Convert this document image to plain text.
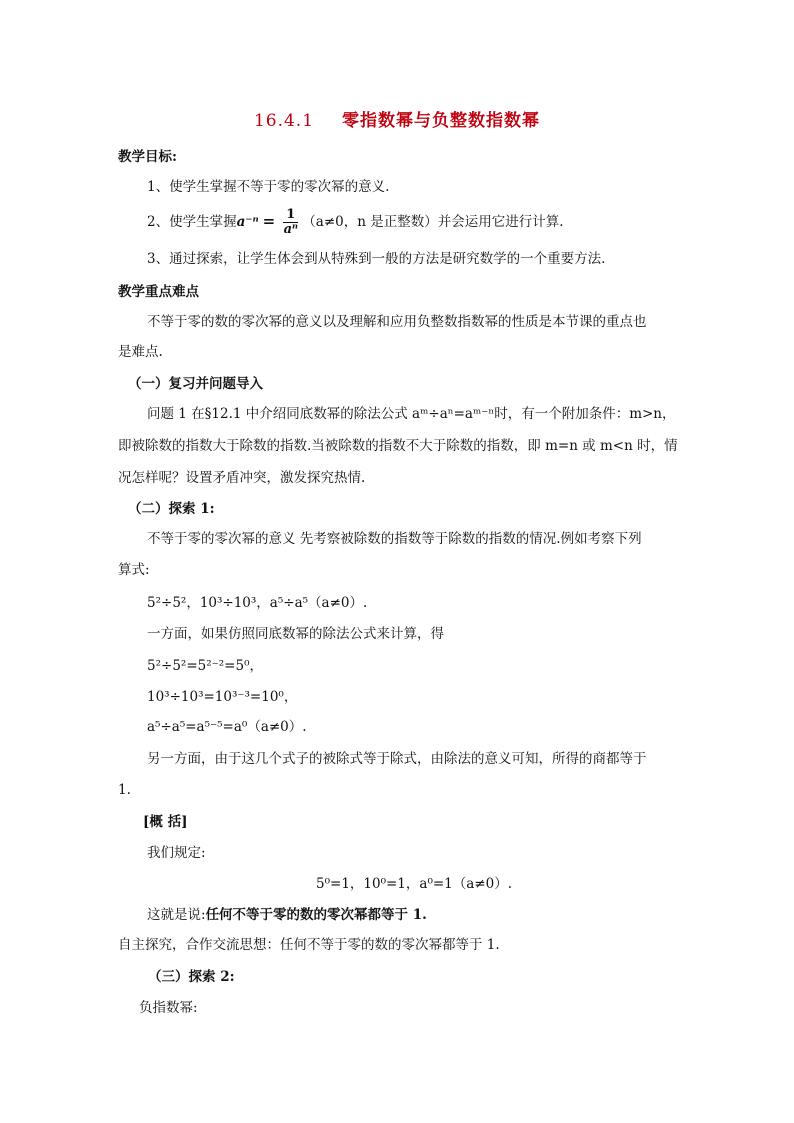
16.4.1 零指数幂与负整数指数幂
教学目标:
1、使学生掌握不等于零的零次幂的意义.
2、使学生掌握$a^{-n} = \frac{1}{\text{aⁿ}} (a\ne 0$，n 是正整数）并会运用它进行计算.
3、通过探索，让学生体会到从特殊到一般的方法是研究数学的一个重要方法.
教学重点难点
不等于零的数的零次幂的意义以及理解和应用负整数指数幂的性质是本节课的重点也
是难点.
（一）复习并问题导入
问题 1 在§12.1 中介绍同底数幂的除法公式 aᵐ÷aⁿ=aᵐ⁻ⁿ时，有一个附加条件：m>n，
即被除数的指数大于除数的指数.当被除数的指数不大于除数的指数，即 m=n 或 m<n 时，情
况怎样呢？设置矛盾冲突，激发探究热情.
（二）探索 1:
不等于零的零次幂的意义 先考察被除数的指数等于除数的指数的情况.例如考察下列
算式:
5²÷5²，10³÷10³，a⁵÷a⁵（a≠0）.
一方面，如果仿照同底数幂的除法公式来计算，得
5²÷5²=5²⁻²=5⁰，
10³÷10³=10³⁻³=10⁰，
a⁵÷a⁵=a⁵⁻⁵=a⁰（a≠0）.
另一方面，由于这几个式子的被除式等于除式，由除法的意义可知，所得的商都等于
1.
[概 括]
我们规定:
5⁰=1，10⁰=1，a⁰=1（a≠0）.
这就是说:任何不等于零的数的零次幂都等于 1.
自主探究，合作交流思想：任何不等于零的数的零次幂都等于 1.
（三）探索 2:
负指数幂:
